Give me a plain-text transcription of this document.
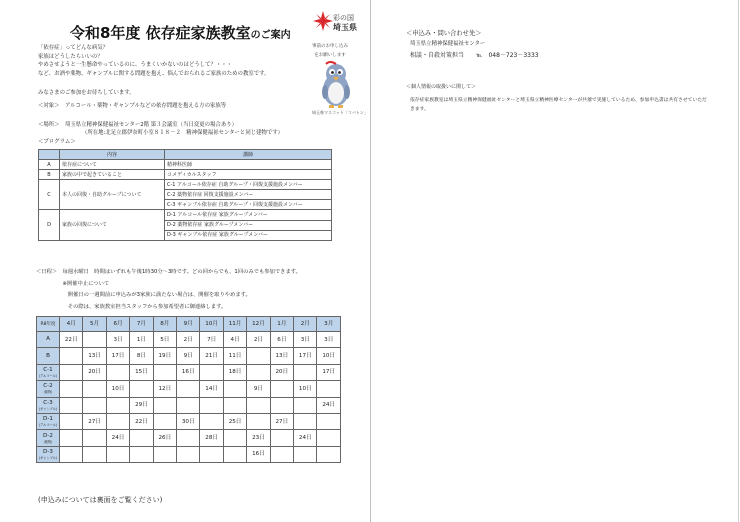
令和8年度 依存症家族教室のご案内
彩の国
埼玉県
事前のお申し込み
をお願いします
埼玉県マスコット「コバトン」
「依存症」ってどんな病気？
家族はどうしたらいいの？
やめさせようと一生懸命やっているのに、うまくいかないのはどうして？・・・
など、お酒や薬物、ギャンブルに関する問題を抱え、悩んでおられるご家族のための教室です。
みなさまのご参加をお待ちしています。
＜対象＞　アルコール・薬物・ギャンブルなどの依存問題を抱える方の家族等
＜場所＞　埼玉県立精神保健福祉センター2階 第３会議室（当日変更の場合あり）
（所在地:北足立郡伊奈町小室８１８－２　精神保健福祉センターと同じ建物です）
＜プログラム＞
	内容	講師
A	依存症について	精神科医師
B	家族の中で起きていること	コメディカルスタッフ
C	本人の回復・自助グループについて	C-1 アルコール依存症 自助グループ・回復支援施設メンバー
		C-2 薬物依存症 回復支援施設メンバー
		C-3 ギャンブル依存症 自助グループ・回復支援施設メンバー
D	家族の回復について	D-1 アルコール依存症 家族グループメンバー
		D-2 薬物依存症 家族グループメンバー
		D-3 ギャンブル依存症 家族グループメンバー
＜日程＞　毎週水曜日　時間はいずれも午後1時30分～3時です。どの回からでも、1回のみでも参加できます。
　　　　　※開催中止について
　　　　　　開催日の一週間前に申込みが3家族に満たない場合は、開催を取りやめます。
　　　　　　その際は、家族教室担当スタッフから参加希望者に御連絡します。
R8年度	4月	5月	6月	7月	8月	9月	10月	11月	12月	1月	2月	3月
A	22日		3日	1日	5日	2日	7日	4日	2日	6日	3日	3日
B		13日	17日	8日	19日	9日	21日	11日		13日	17日	10日
C-1
(アルコール)		20日		15日		16日		18日		20日		17日
C-2
(薬物)			10日		12日		14日		9日		10日	
C-3
(ギャンブル)				29日								24日
D-1
(アルコール)		27日		22日		30日		25日		27日		
D-2
(薬物)			24日		26日		28日		23日		24日	
D-3
(ギャンブル)									16日			
(申込みについては裏面をご覧ください)
＜申込み・問い合わせ先＞
埼玉県立精神保健福祉センター
相談・自殺対策担当　　℡　048－723－3333
＜個人情報の取扱いに関して＞
依存症家族教室は埼玉県立精神保健福祉センターと埼玉県立精神医療センターが共催で実施しているため、参加申込書は共有させていただきます。
